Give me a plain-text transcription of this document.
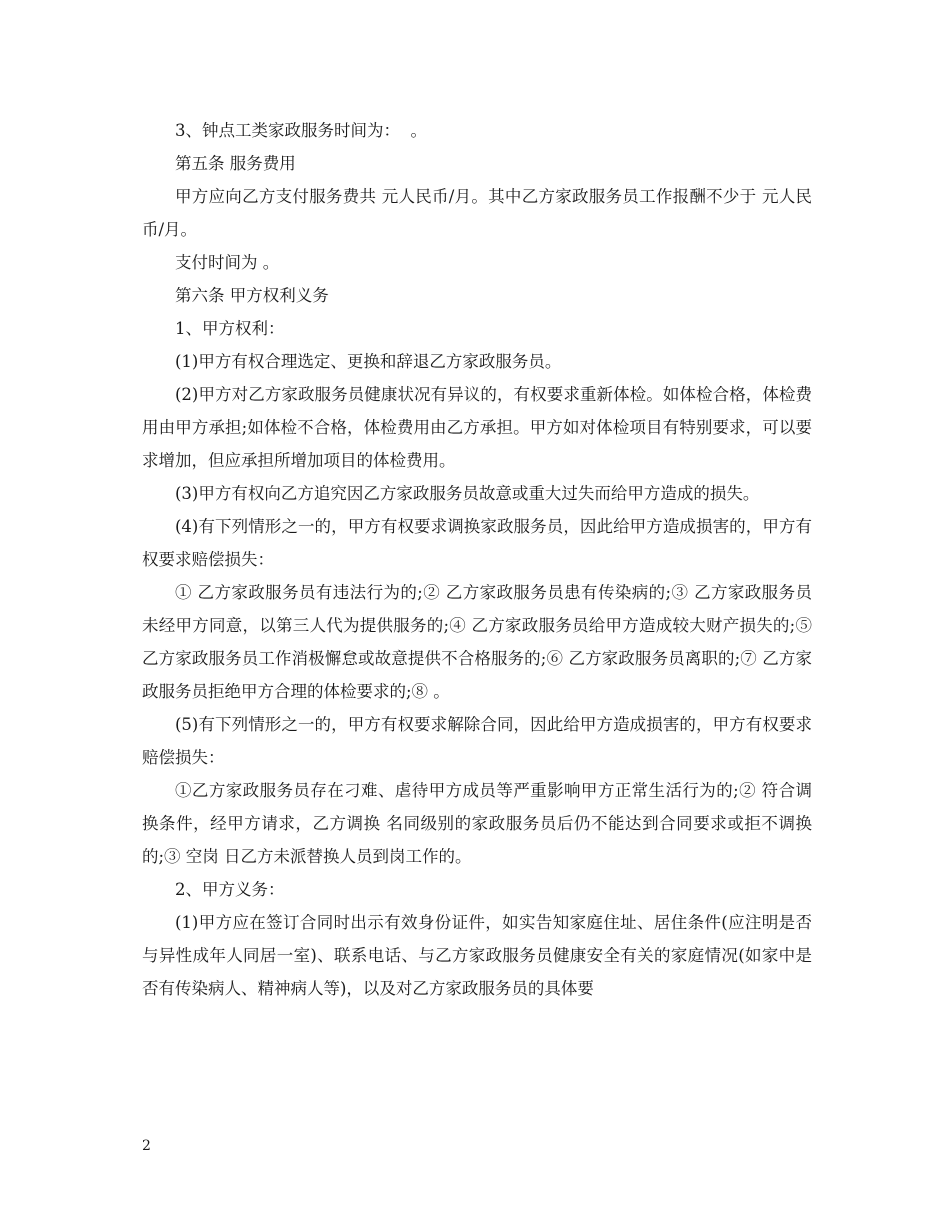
3、钟点工类家政服务时间为：  。

第五条 服务费用

甲方应向乙方支付服务费共 元人民币/月。其中乙方家政服务员工作报酬不少于 元人民币/月。

支付时间为 。

第六条 甲方权利义务

1、甲方权利：

(1)甲方有权合理选定、更换和辞退乙方家政服务员。

(2)甲方对乙方家政服务员健康状况有异议的，有权要求重新体检。如体检合格，体检费用由甲方承担;如体检不合格，体检费用由乙方承担。甲方如对体检项目有特别要求，可以要求增加，但应承担所增加项目的体检费用。

(3)甲方有权向乙方追究因乙方家政服务员故意或重大过失而给甲方造成的损失。

(4)有下列情形之一的，甲方有权要求调换家政服务员，因此给甲方造成损害的，甲方有权要求赔偿损失：

① 乙方家政服务员有违法行为的;② 乙方家政服务员患有传染病的;③ 乙方家政服务员未经甲方同意，以第三人代为提供服务的;④ 乙方家政服务员给甲方造成较大财产损失的;⑤ 乙方家政服务员工作消极懈怠或故意提供不合格服务的;⑥ 乙方家政服务员离职的;⑦ 乙方家政服务员拒绝甲方合理的体检要求的;⑧ 。

(5)有下列情形之一的，甲方有权要求解除合同，因此给甲方造成损害的，甲方有权要求赔偿损失：

①乙方家政服务员存在刁难、虐待甲方成员等严重影响甲方正常生活行为的;② 符合调换条件，经甲方请求，乙方调换 名同级别的家政服务员后仍不能达到合同要求或拒不调换的;③ 空岗 日乙方未派替换人员到岗工作的。

2、甲方义务：

(1)甲方应在签订合同时出示有效身份证件，如实告知家庭住址、居住条件(应注明是否与异性成年人同居一室)、联系电话、与乙方家政服务员健康安全有关的家庭情况(如家中是否有传染病人、精神病人等)，以及对乙方家政服务员的具体要

2
